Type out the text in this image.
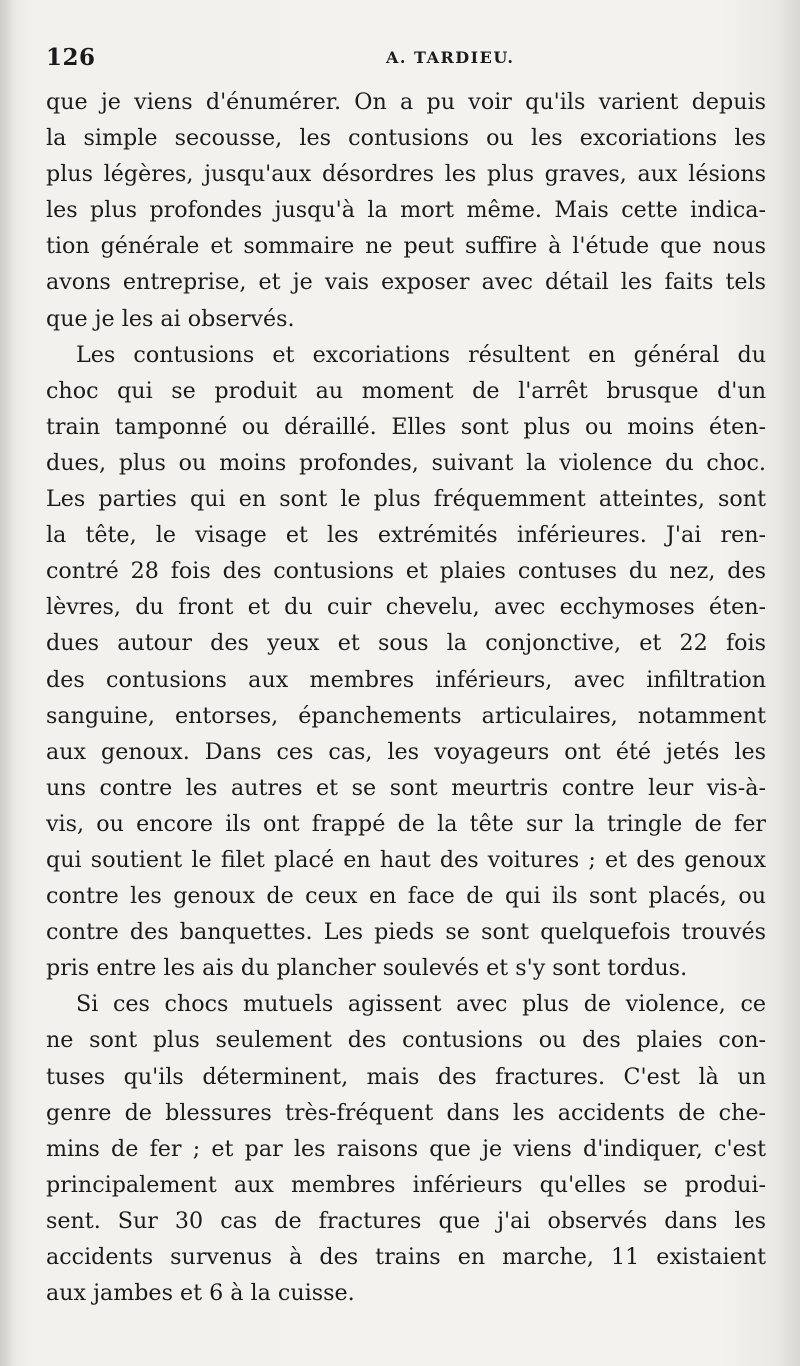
126	A. TARDIEU.
que je viens d'énumérer. On a pu voir qu'ils varient depuis
la simple secousse, les contusions ou les excoriations les
plus légères, jusqu'aux désordres les plus graves, aux lésions
les plus profondes jusqu'à la mort même. Mais cette indica-
tion générale et sommaire ne peut suffire à l'étude que nous
avons entreprise, et je vais exposer avec détail les faits tels
que je les ai observés.
Les contusions et excoriations résultent en général du
choc qui se produit au moment de l'arrêt brusque d'un
train tamponné ou déraillé. Elles sont plus ou moins éten-
dues, plus ou moins profondes, suivant la violence du choc.
Les parties qui en sont le plus fréquemment atteintes, sont
la tête, le visage et les extrémités inférieures. J'ai ren-
contré 28 fois des contusions et plaies contuses du nez, des
lèvres, du front et du cuir chevelu, avec ecchymoses éten-
dues autour des yeux et sous la conjonctive, et 22 fois
des contusions aux membres inférieurs, avec infiltration
sanguine, entorses, épanchements articulaires, notamment
aux genoux. Dans ces cas, les voyageurs ont été jetés les
uns contre les autres et se sont meurtris contre leur vis-à-
vis, ou encore ils ont frappé de la tête sur la tringle de fer
qui soutient le filet placé en haut des voitures ; et des genoux
contre les genoux de ceux en face de qui ils sont placés, ou
contre des banquettes. Les pieds se sont quelquefois trouvés
pris entre les ais du plancher soulevés et s'y sont tordus.
Si ces chocs mutuels agissent avec plus de violence, ce
ne sont plus seulement des contusions ou des plaies con-
tuses qu'ils déterminent, mais des fractures. C'est là un
genre de blessures très-fréquent dans les accidents de che-
mins de fer ; et par les raisons que je viens d'indiquer, c'est
principalement aux membres inférieurs qu'elles se produi-
sent. Sur 30 cas de fractures que j'ai observés dans les
accidents survenus à des trains en marche, 11 existaient
aux jambes et 6 à la cuisse.
